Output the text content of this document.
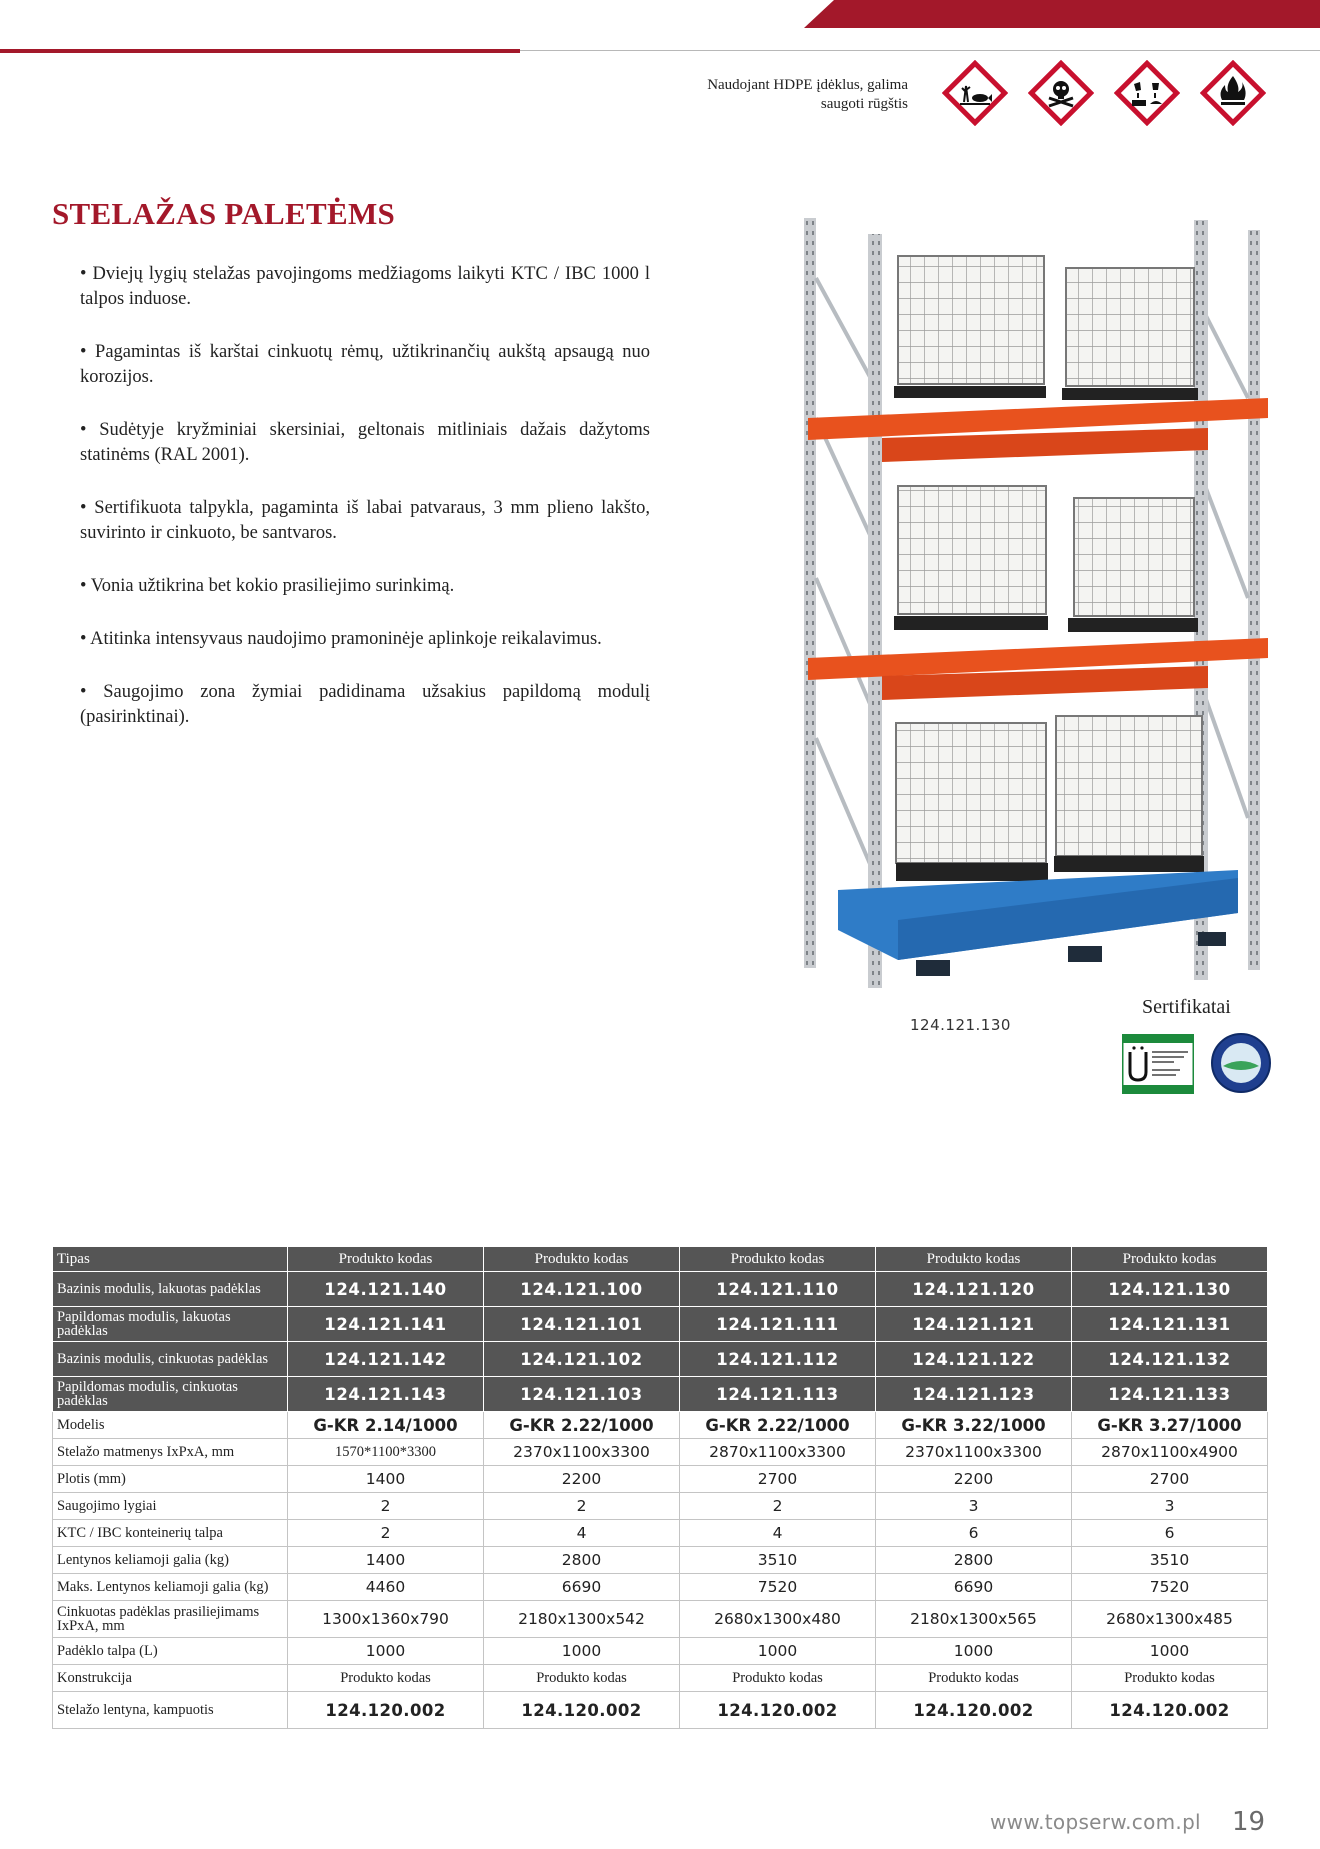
Naudojant HDPE įdėklus, galima
saugoti rūgštis
STELAŽAS PALETĖMS
• Dviejų lygių stelažas pavojingoms medžiagoms laikyti KTC / IBC 1000 l talpos induose.
• Pagamintas iš karštai cinkuotų rėmų, užtikrinančių aukštą apsaugą nuo korozijos.
• Sudėtyje kryžminiai skersiniai, geltonais mitliniais dažais dažytoms statinėms (RAL 2001).
• Sertifikuota talpykla, pagaminta iš labai patvaraus, 3 mm plieno lakšto, suvirinto ir cinkuoto, be santvaros.
• Vonia užtikrina bet kokio prasiliejimo surinkimą.
• Atitinka intensyvaus naudojimo pramoninėje aplinkoje reikalavimus.
• Saugojimo zona žymiai padidinama užsakius papildomą modulį (pasirinktinai).
124.121.130
Sertifikatai
Tipas	Produkto kodas	Produkto kodas	Produkto kodas	Produkto kodas	Produkto kodas
Bazinis modulis, lakuotas padėklas	124.121.140	124.121.100	124.121.110	124.121.120	124.121.130
Papildomas modulis, lakuotas padėklas	124.121.141	124.121.101	124.121.111	124.121.121	124.121.131
Bazinis modulis, cinkuotas padėklas	124.121.142	124.121.102	124.121.112	124.121.122	124.121.132
Papildomas modulis, cinkuotas padėklas	124.121.143	124.121.103	124.121.113	124.121.123	124.121.133
Modelis	G-KR 2.14/1000	G-KR 2.22/1000	G-KR 2.22/1000	G-KR 3.22/1000	G-KR 3.27/1000
Stelažo matmenys IxPxA, mm	1570*1100*3300	2370x1100x3300	2870x1100x3300	2370x1100x3300	2870x1100x4900
Plotis (mm)	1400	2200	2700	2200	2700
Saugojimo lygiai	2	2	2	3	3
KTC / IBC konteinerių talpa	2	4	4	6	6
Lentynos keliamoji galia (kg)	1400	2800	3510	2800	3510
Maks. Lentynos keliamoji galia (kg)	4460	6690	7520	6690	7520
Cinkuotas padėklas prasiliejimams IxPxA, mm	1300x1360x790	2180x1300x542	2680x1300x480	2180x1300x565	2680x1300x485
Padėklo talpa (L)	1000	1000	1000	1000	1000
Konstrukcija	Produkto kodas	Produkto kodas	Produkto kodas	Produkto kodas	Produkto kodas
Stelažo lentyna, kampuotis	124.120.002	124.120.002	124.120.002	124.120.002	124.120.002
www.topserw.com.pl 19
